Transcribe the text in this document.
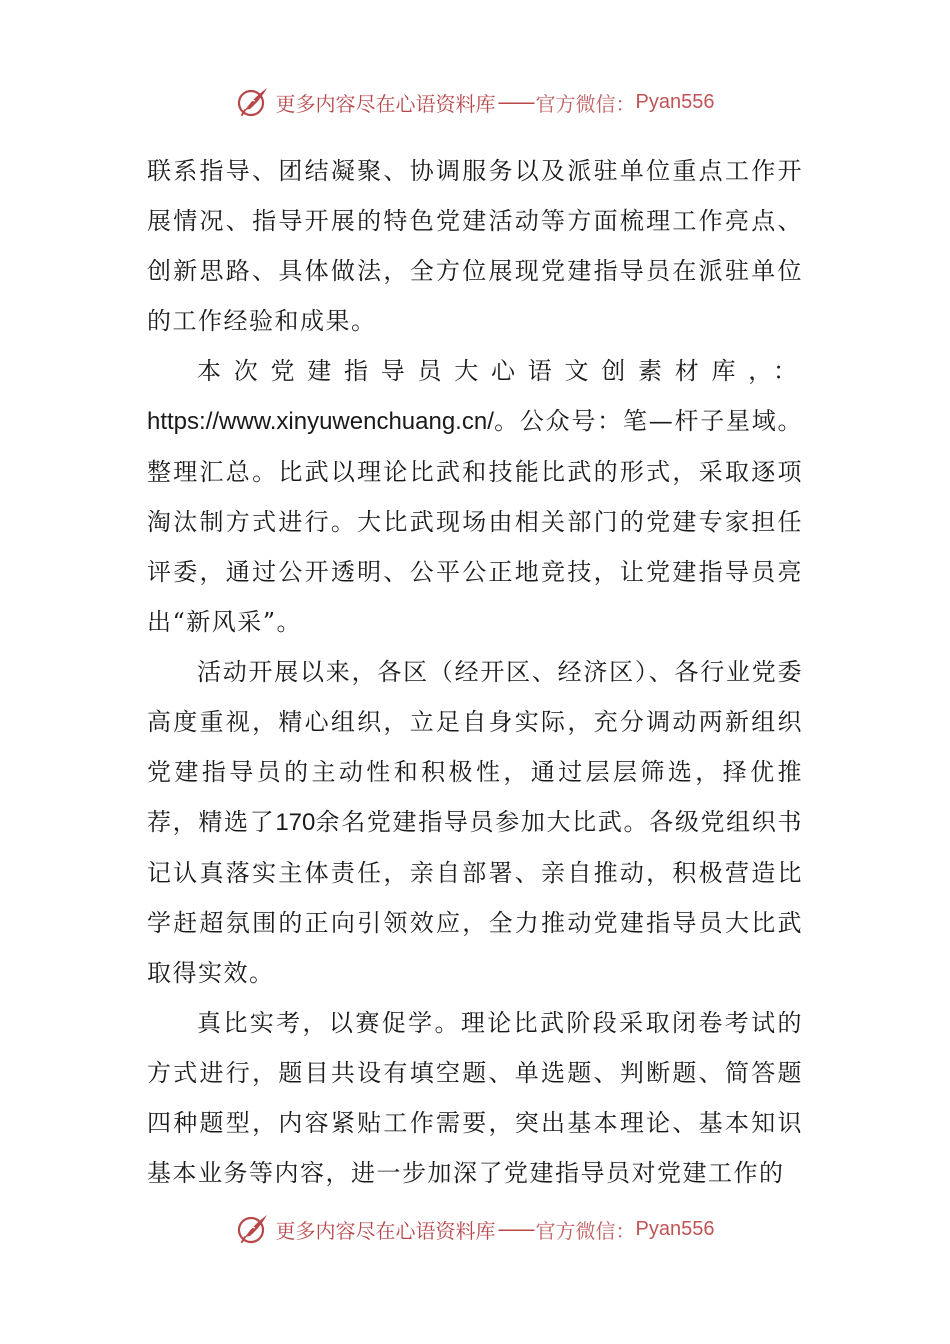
更多内容尽在心语资料库 —— 官方微信： Pyan556

联系指导、团结凝聚、协调服务以及派驻单位重点工作开展情况、指导开展的特色党建活动等方面梳理工作亮点、创新思路、具体做法，全方位展现党建指导员在派驻单位的工作经验和成果。

本次党建指导员大心语文创素材库，：https://www.xinyuwenchuang.cn/。公众号：笔—杆子星域。整理汇总。比武以理论比武和技能比武的形式，采取逐项淘汰制方式进行。大比武现场由相关部门的党建专家担任评委，通过公开透明、公平公正地竞技，让党建指导员亮出“新风采”。

活动开展以来，各区（经开区、经济区）、各行业党委高度重视，精心组织，立足自身实际，充分调动两新组织党建指导员的主动性和积极性，通过层层筛选，择优推荐，精选了170余名党建指导员参加大比武。各级党组织书记认真落实主体责任，亲自部署、亲自推动，积极营造比学赶超氛围的正向引领效应，全力推动党建指导员大比武取得实效。

真比实考，以赛促学。理论比武阶段采取闭卷考试的方式进行，题目共设有填空题、单选题、判断题、简答题四种题型，内容紧贴工作需要，突出基本理论、基本知识基本业务等内容，进一步加深了党建指导员对党建工作的

更多内容尽在心语资料库 —— 官方微信： Pyan556
